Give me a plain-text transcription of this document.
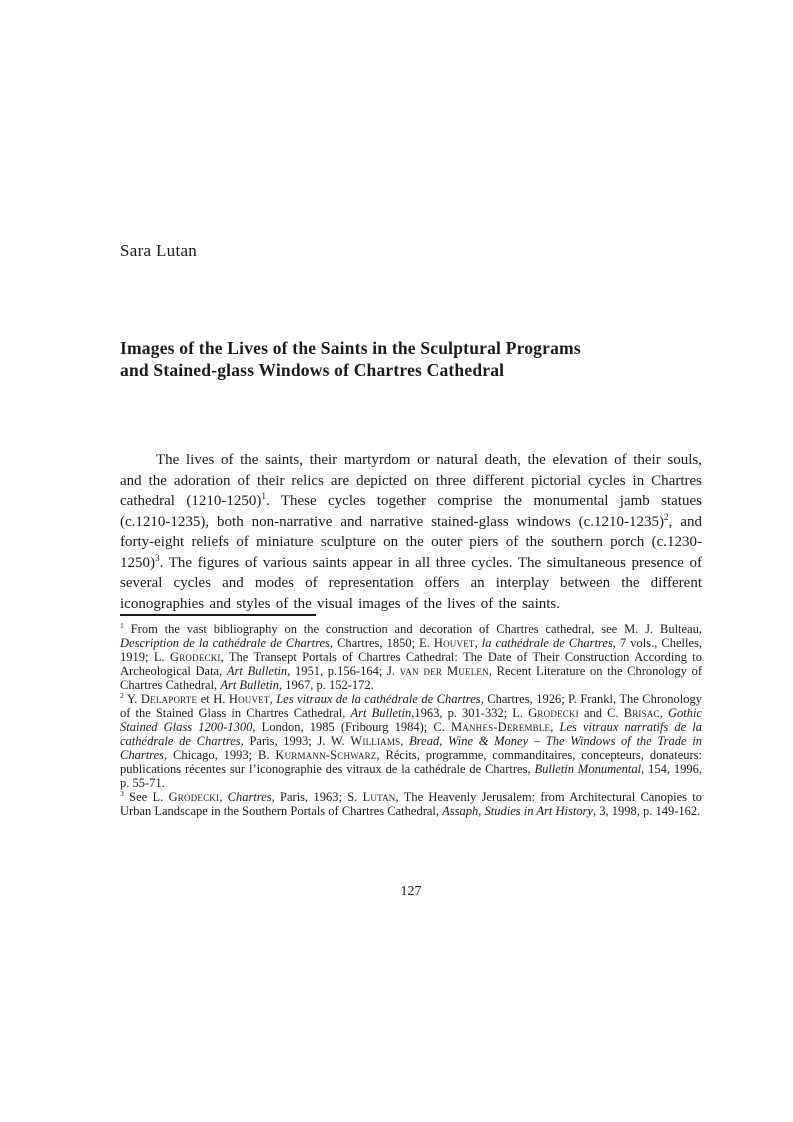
Sara Lutan
Images of the Lives of the Saints in the Sculptural Programs
and Stained-glass Windows of Chartres Cathedral

The lives of the saints, their martyrdom or natural death, the elevation of their souls, and the adoration of their relics are depicted on three different pictorial cycles in Chartres cathedral (1210-1250)$^1$. These cycles together comprise the monumental jamb statues (c.1210-1235), both non-narrative and narrative stained-glass windows $(c.1210-1235)^2$, and forty-eight reliefs of miniature sculpture on the outer piers of the southern porch $(c.1230-1250)^3$. The figures of various saints appear in all three cycles. The simultaneous presence of several cycles and modes of representation offers an interplay between the different iconographies and styles of the visual images of the lives of the saints.

$^1$ From the vast bibliography on the construction and decoration of Chartres cathedral, see M. J. Bulteau, Description de la cathédrale de Chartres, Chartres, 1850; E. Houvet, la cathédrale de Chartres, 7 vols., Chelles, 1919; L. Grodecki, The Transept Portals of Chartres Cathedral: The Date of Their Construction According to Archeological Data, Art Bulletin, 1951, p.156-164; J. van der Muelen, Recent Literature on the Chronology of Chartres Cathedral, Art Bulletin, 1967, p. 152-172.

$^2$ Y. Delaporte et H. Houvet, Les vitraux de la cathédrale de Chartres, Chartres, 1926; P. Frankl, The Chronology of the Stained Glass in Chartres Cathedral, Art Bulletin,1963, p. 301-332; L. Grodecki and C. Brisac, Gothic Stained Glass 1200-1300, London, 1985 (Fribourg 1984); C. Manhes-Deremble, Les vitraux narratifs de la cathédrale de Chartres, Paris, 1993; J. W. Williams, Bread, Wine & Money – The Windows of the Trade in Chartres, Chicago, 1993; B. Kurmann-Schwarz, Récits, programme, commanditaires, concepteurs, donateurs: publications récentes sur l’iconographie des vitraux de la cathédrale de Chartres, Bulletin Monumental, 154, 1996, p. 55-71.

$^3$ See L. Grodecki, Chartres, Paris, 1963; S. Lutan, The Heavenly Jerusalem: from Architectural Canopies to Urban Landscape in the Southern Portals of Chartres Cathedral, Assaph, Studies in Art History, 3, 1998, p. 149-162.

127
